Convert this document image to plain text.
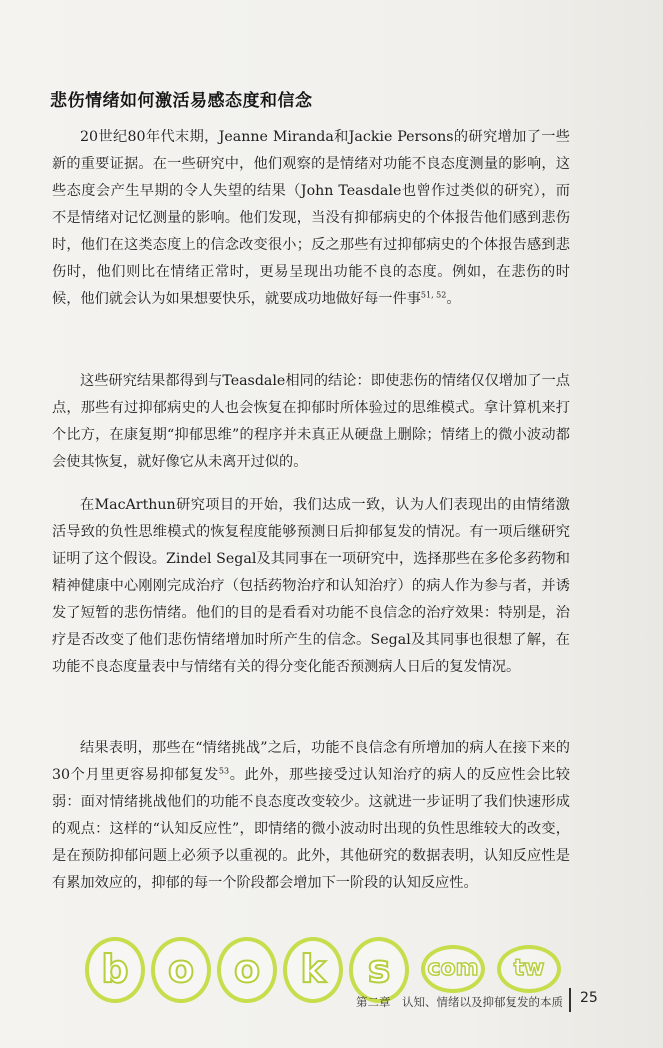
悲伤情绪如何激活易感态度和信念

20世纪80年代末期，Jeanne Miranda和Jackie Persons的研究增加了一些新的重要证据。在一些研究中，他们观察的是情绪对功能不良态度测量的影响，这些态度会产生早期的令人失望的结果（John Teasdale也曾作过类似的研究），而不是情绪对记忆测量的影响。他们发现，当没有抑郁病史的个体报告他们感到悲伤时，他们在这类态度上的信念改变很小；反之那些有过抑郁病史的个体报告感到悲伤时，他们则比在情绪正常时，更易呈现出功能不良的态度。例如，在悲伤的时候，他们就会认为如果想要快乐，就要成功地做好每一件事$^{51, 52}$。

这些研究结果都得到与Teasdale相同的结论：即使悲伤的情绪仅仅增加了一点点，那些有过抑郁病史的人也会恢复在抑郁时所体验过的思维模式。拿计算机来打个比方，在康复期“抑郁思维”的程序并未真正从硬盘上删除；情绪上的微小波动都会使其恢复，就好像它从未离开过似的。

在MacArthun研究项目的开始，我们达成一致，认为人们表现出的由情绪激活导致的负性思维模式的恢复程度能够预测日后抑郁复发的情况。有一项后继研究证明了这个假设。Zindel Segal及其同事在一项研究中，选择那些在多伦多药物和精神健康中心刚刚完成治疗（包括药物治疗和认知治疗）的病人作为参与者，并诱发了短暂的悲伤情绪。他们的目的是看看对功能不良信念的治疗效果：特别是，治疗是否改变了他们悲伤情绪增加时所产生的信念。Segal及其同事也很想了解，在功能不良态度量表中与情绪有关的得分变化能否预测病人日后的复发情况。

结果表明，那些在“情绪挑战”之后，功能不良信念有所增加的病人在接下来的30个月里更容易抑郁复发$^{53}$。此外，那些接受过认知治疗的病人的反应性会比较弱：面对情绪挑战他们的功能不良态度改变较少。这就进一步证明了我们快速形成的观点：这样的“认知反应性”，即情绪的微小波动时出现的负性思维较大的改变，是在预防抑郁问题上必须予以重视的。此外，其他研究的数据表明，认知反应性是有累加效应的，抑郁的每一个阶段都会增加下一阶段的认知反应性。

b	o	o	k	s	com	tw
第二章　认知、情绪以及抑郁复发的本质 25
